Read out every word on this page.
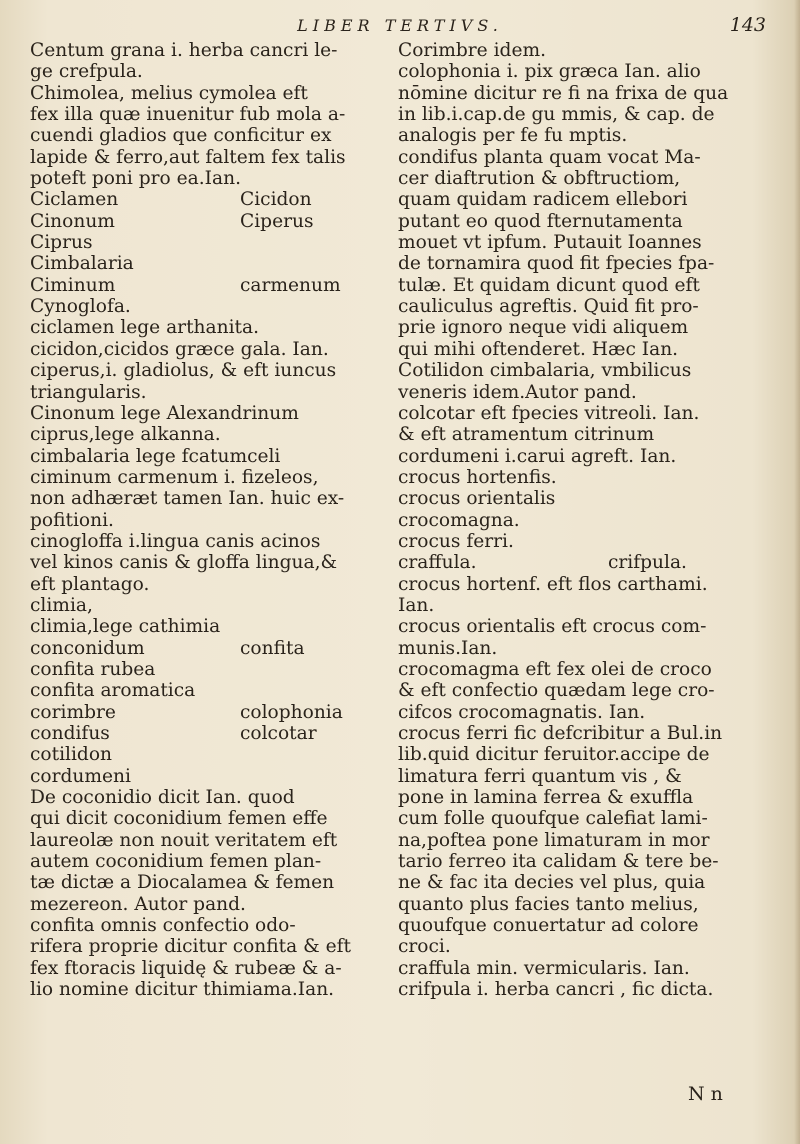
LIBER TERTIVS.	143
Centum grana i. herba cancri le-
ge crefpula.
Chimolea, melius cymolea eft
fex illa quæ inuenitur fub mola a-
cuendi gladios que conficitur ex
lapide & ferro,aut faltem fex talis
poteft poni pro ea.Ian.
Ciclamen	Cicidon
Cinonum	Ciperus
Ciprus
Cimbalaria
Ciminum	carmenum
Cynoglofa.
ciclamen lege arthanita.
cicidon,cicidos græce gala. Ian.
ciperus,i. gladiolus, & eft iuncus
triangularis.
Cinonum lege Alexandrinum
ciprus,lege alkanna.
cimbalaria lege fcatumceli
ciminum carmenum i. fizeleos,
non adhæræt tamen Ian. huic ex-
pofitioni.
cinogloffa i.lingua canis acinos
vel kinos canis & gloffa lingua,&
eft plantago.
climia,
climia,lege cathimia
conconidum	confita
confita rubea
confita aromatica
corimbre	colophonia
condifus	colcotar
cotilidon
cordumeni
De coconidio dicit Ian. quod
qui dicit coconidium femen effe
laureolæ non nouit veritatem eft
autem coconidium femen plan-
tæ dictæ a Diocalamea & femen
mezereon. Autor pand.
confita omnis confectio odo-
rifera proprie dicitur confita & eft
fex ftoracis liquidę & rubeæ & a-
lio nomine dicitur thimiama.Ian.
Corimbre idem.
colophonia i. pix græca Ian. alio
nōmine dicitur re fi na frixa de qua
in lib.i.cap.de gu mmis, & cap. de
analogis per fe fu mptis.
condifus planta quam vocat Ma-
cer diaftrution & obftructiom,
quam quidam radicem ellebori
putant eo quod fternutamenta
mouet vt ipfum. Putauit Ioannes
de tornamira quod fit fpecies fpa-
tulæ. Et quidam dicunt quod eft
cauliculus agreftis. Quid fit pro-
prie ignoro neque vidi aliquem
qui mihi oftenderet. Hæc Ian.
Cotilidon cimbalaria, vmbilicus
veneris idem.Autor pand.
colcotar eft fpecies vitreoli. Ian.
& eft atramentum citrinum
cordumeni i.carui agreft. Ian.
crocus hortenfis.
crocus orientalis
crocomagna.
crocus ferri.
craffula.	crifpula.
crocus hortenf. eft flos carthami.
Ian.
crocus orientalis eft crocus com-
munis.Ian.
crocomagma eft fex olei de croco
& eft confectio quædam lege cro-
cifcos crocomagnatis. Ian.
crocus ferri fic defcribitur a Bul.in
lib.quid dicitur feruitor.accipe de
limatura ferri quantum vis , &
pone in lamina ferrea & exuffla
cum folle quoufque calefiat lami-
na,poftea pone limaturam in mor
tario ferreo ita calidam & tere be-
ne & fac ita decies vel plus, quia
quanto plus facies tanto melius,
quoufque conuertatur ad colore
croci.
craffula min. vermicularis. Ian.
crifpula i. herba cancri , fic dicta.
N n
